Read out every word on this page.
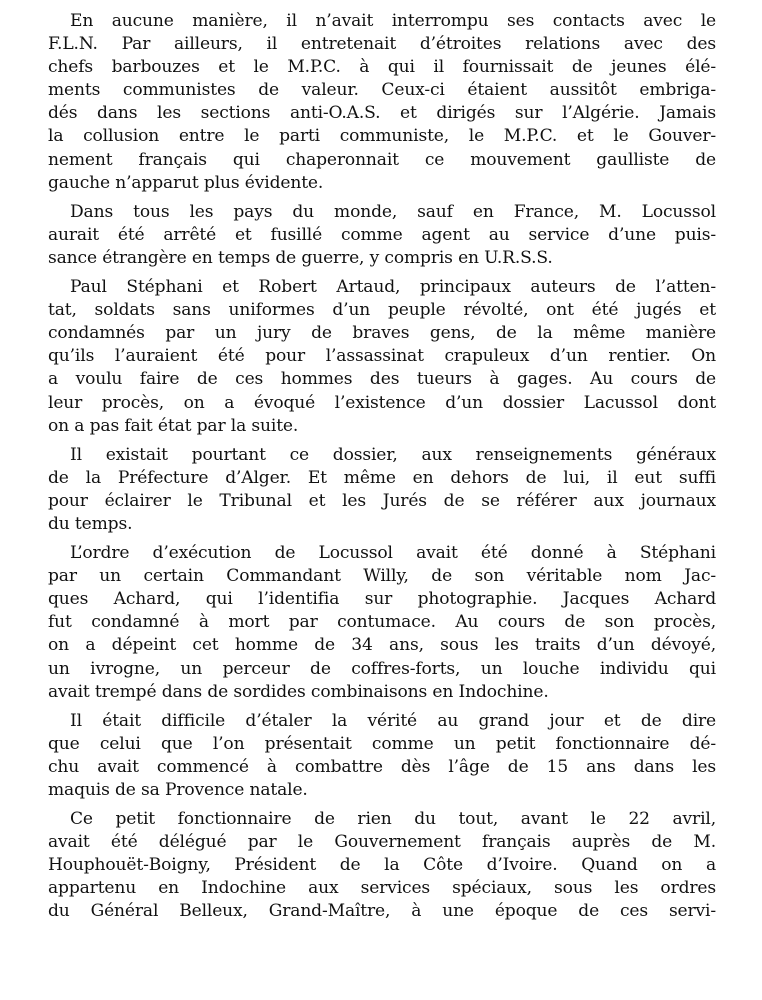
En aucune manière, il n’avait interrompu ses contacts avec le
F.L.N. Par ailleurs, il entretenait d’étroites relations avec des
chefs barbouzes et le M.P.C. à qui il fournissait de jeunes élé-
ments communistes de valeur. Ceux-ci étaient aussitôt embriga-
dés dans les sections anti-O.A.S. et dirigés sur l’Algérie. Jamais
la collusion entre le parti communiste, le M.P.C. et le Gouver-
nement français qui chaperonnait ce mouvement gaulliste de
gauche n’apparut plus évidente.
Dans tous les pays du monde, sauf en France, M. Locussol
aurait été arrêté et fusillé comme agent au service d’une puis-
sance étrangère en temps de guerre, y compris en U.R.S.S.
Paul Stéphani et Robert Artaud, principaux auteurs de l’atten-
tat, soldats sans uniformes d’un peuple révolté, ont été jugés et
condamnés par un jury de braves gens, de la même manière
qu’ils l’auraient été pour l’assassinat crapuleux d’un rentier. On
a voulu faire de ces hommes des tueurs à gages. Au cours de
leur procès, on a évoqué l’existence d’un dossier Lacussol dont
on a pas fait état par la suite.
Il existait pourtant ce dossier, aux renseignements généraux
de la Préfecture d’Alger. Et même en dehors de lui, il eut suffi
pour éclairer le Tribunal et les Jurés de se référer aux journaux
du temps.
L’ordre d’exécution de Locussol avait été donné à Stéphani
par un certain Commandant Willy, de son véritable nom Jac-
ques Achard, qui l’identifia sur photographie. Jacques Achard
fut condamné à mort par contumace. Au cours de son procès,
on a dépeint cet homme de 34 ans, sous les traits d’un dévoyé,
un ivrogne, un perceur de coffres-forts, un louche individu qui
avait trempé dans de sordides combinaisons en Indochine.
Il était difficile d’étaler la vérité au grand jour et de dire
que celui que l’on présentait comme un petit fonctionnaire dé-
chu avait commencé à combattre dès l’âge de 15 ans dans les
maquis de sa Provence natale.
Ce petit fonctionnaire de rien du tout, avant le 22 avril,
avait été délégué par le Gouvernement français auprès de M.
Houphouët-Boigny, Président de la Côte d’Ivoire. Quand on a
appartenu en Indochine aux services spéciaux, sous les ordres
du Général Belleux, Grand-Maître, à une époque de ces servi-
